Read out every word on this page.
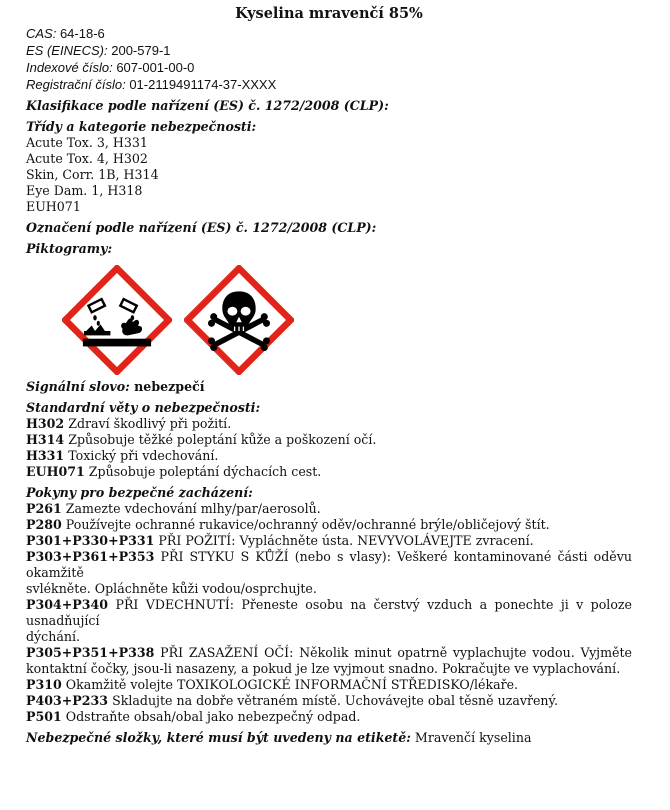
Kyselina mravenčí 85%
CAS: 64-18-6
ES (EINECS): 200-579-1
Indexové číslo: 607-001-00-0
Registrační číslo: 01-2119491174-37-XXXX
Klasifikace podle nařízení (ES) č. 1272/2008 (CLP):
Třídy a kategorie nebezpečnosti:
Acute Tox. 3, H331
Acute Tox. 4, H302
Skin, Corr. 1B, H314
Eye Dam. 1, H318
EUH071
Označení podle nařízení (ES) č. 1272/2008 (CLP):
Piktogramy:
Signální slovo: nebezpečí
Standardní věty o nebezpečnosti:
H302 Zdraví škodlivý při požití.
H314 Způsobuje těžké poleptání kůže a poškození očí.
H331 Toxický při vdechování.
EUH071 Způsobuje poleptání dýchacích cest.
Pokyny pro bezpečné zacházení:
P261 Zamezte vdechování mlhy/par/aerosolů.
P280 Používejte ochranné rukavice/ochranný oděv/ochranné brýle/obličejový štít.
P301+P330+P331 PŘI POŽITÍ: Vypláchněte ústa. NEVYVOLÁVEJTE zvracení.
P303+P361+P353 PŘI STYKU S KŮŽÍ (nebo s vlasy): Veškeré kontaminované části oděvu
okamžitě
svlékněte. Opláchněte kůži vodou/osprchujte.
P304+P340 PŘI VDECHNUTÍ: Přeneste osobu na čerstvý vzduch a ponechte ji v poloze
usnadňující
dýchání.
P305+P351+P338 PŘI ZASAŽENÍ OČÍ: Několik minut opatrně vyplachujte vodou. Vyjměte
kontaktní čočky, jsou-li nasazeny, a pokud je lze vyjmout snadno. Pokračujte ve vyplachování.
P310 Okamžitě volejte TOXIKOLOGICKÉ INFORMAČNÍ STŘEDISKO/lékaře.
P403+P233 Skladujte na dobře větraném místě. Uchovávejte obal těsně uzavřený.
P501 Odstraňte obsah/obal jako nebezpečný odpad.
Nebezpečné složky, které musí být uvedeny na etiketě: Mravenčí kyselina
